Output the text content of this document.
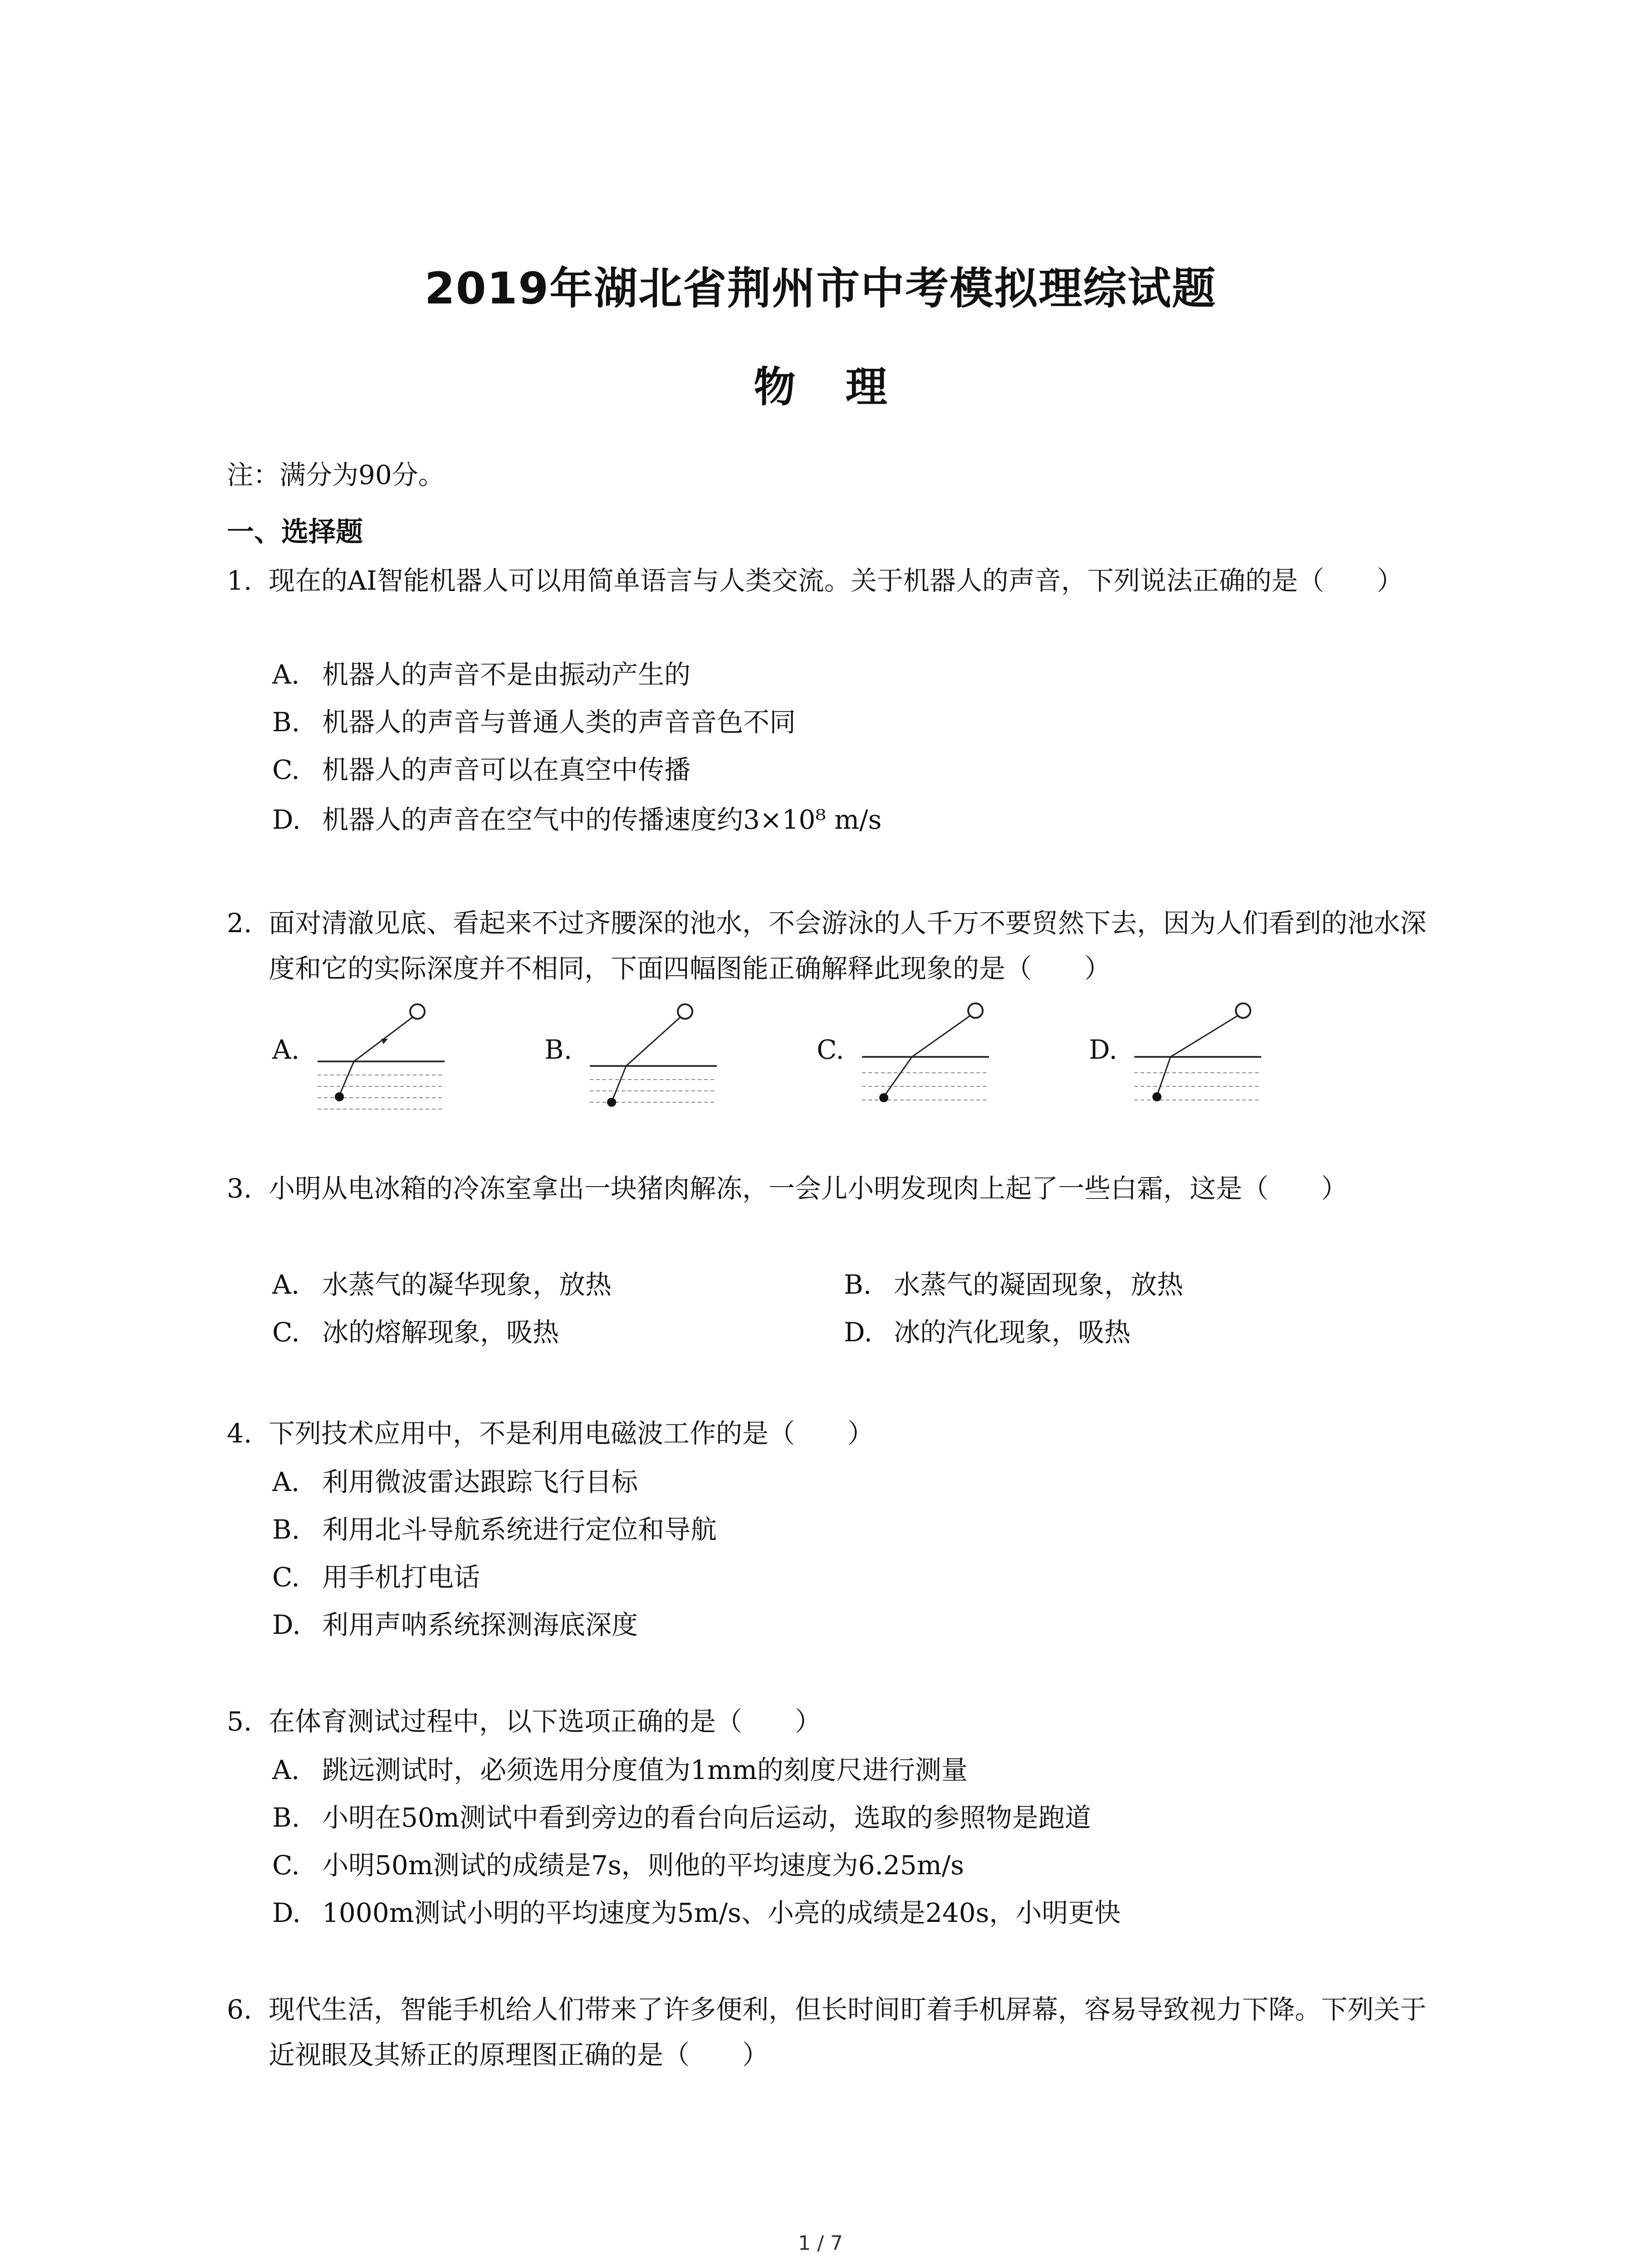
2019年湖北省荆州市中考模拟理综试题
物理
注：满分为90分。
一、选择题
1. 现在的AI智能机器人可以用简单语言与人类交流。关于机器人的声音，下列说法正确的是（　　）
A. 机器人的声音不是由振动产生的
B. 机器人的声音与普通人类的声音音色不同
C. 机器人的声音可以在真空中传播
D. 机器人的声音在空气中的传播速度约3×10⁸ m/s
2. 面对清澈见底、看起来不过齐腰深的池水，不会游泳的人千万不要贸然下去，因为人们看到的池水深度和它的实际深度并不相同，下面四幅图能正确解释此现象的是（　　）
A.	B.	C.	D.
3. 小明从电冰箱的冷冻室拿出一块猪肉解冻，一会儿小明发现肉上起了一些白霜，这是（　　）
A. 水蒸气的凝华现象，放热	B. 水蒸气的凝固现象，放热
C. 冰的熔解现象，吸热	D. 冰的汽化现象，吸热
4. 下列技术应用中，不是利用电磁波工作的是（　　）
A. 利用微波雷达跟踪飞行目标
B. 利用北斗导航系统进行定位和导航
C. 用手机打电话
D. 利用声呐系统探测海底深度
5. 在体育测试过程中，以下选项正确的是（　　）
A. 跳远测试时，必须选用分度值为1mm的刻度尺进行测量
B. 小明在50m测试中看到旁边的看台向后运动，选取的参照物是跑道
C. 小明50m测试的成绩是7s，则他的平均速度为6.25m/s
D. 1000m测试小明的平均速度为5m/s、小亮的成绩是240s，小明更快
6. 现代生活，智能手机给人们带来了许多便利，但长时间盯着手机屏幕，容易导致视力下降。下列关于近视眼及其矫正的原理图正确的是（　　）
1 / 7
